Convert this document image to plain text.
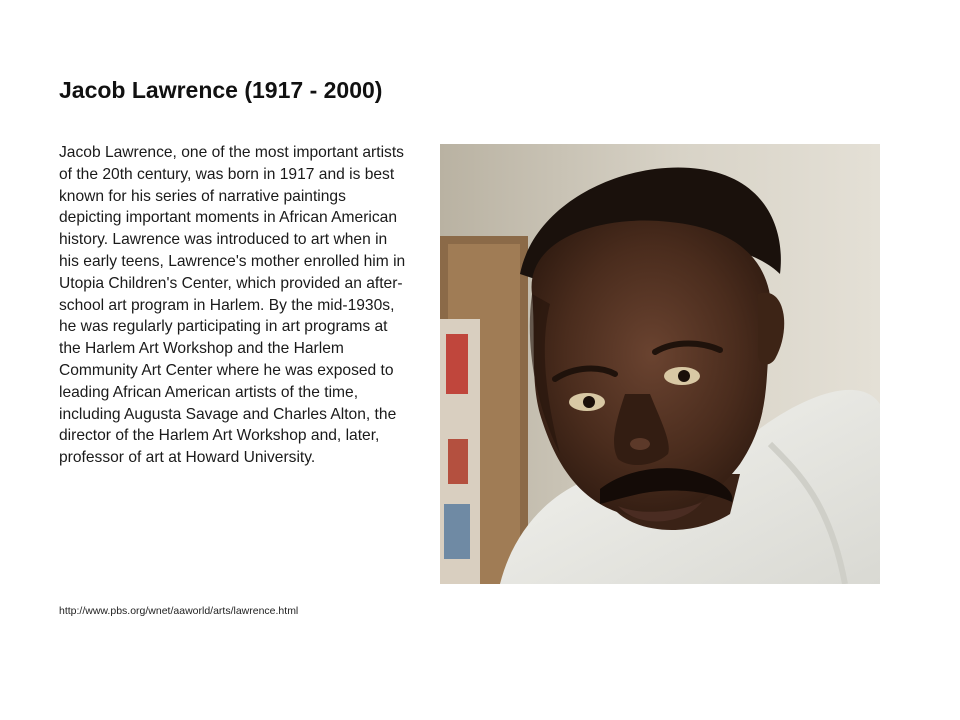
Jacob Lawrence (1917 - 2000)

Jacob Lawrence, one of the most important artists of the 20th century, was born in 1917 and is best known for his series of narrative paintings depicting important moments in African American history. Lawrence was introduced to art when in his early teens, Lawrence's mother enrolled him in Utopia Children's Center, which provided an after-school art program in Harlem. By the mid-1930s, he was regularly participating in art programs at the Harlem Art Workshop and the Harlem Community Art Center where he was exposed to leading African American artists of the time, including Augusta Savage and Charles Alton, the director of the Harlem Art Workshop and, later, professor of art at Howard University.

http://www.pbs.org/wnet/aaworld/arts/lawrence.html
